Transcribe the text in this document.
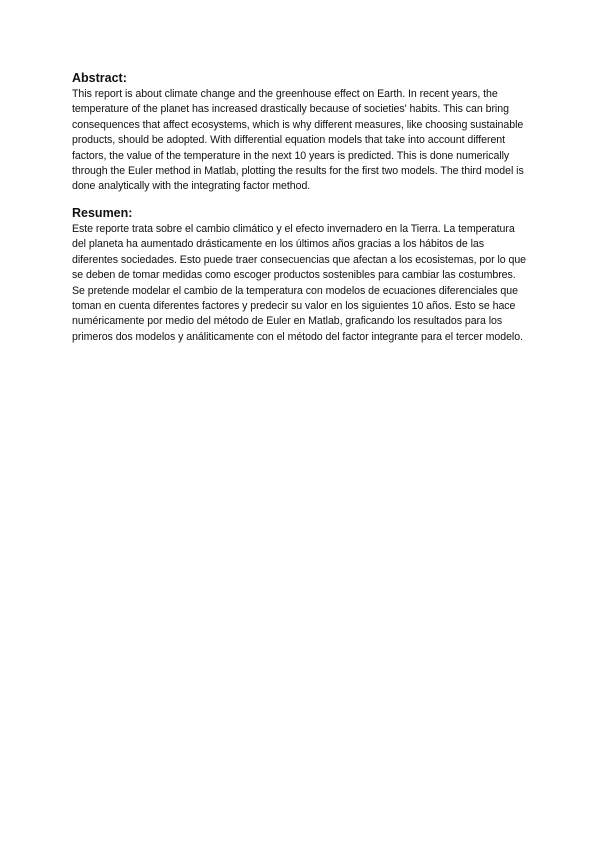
Abstract:

This report is about climate change and the greenhouse effect on Earth. In recent years, the temperature of the planet has increased drastically because of societies' habits. This can bring consequences that affect ecosystems, which is why different measures, like choosing sustainable products, should be adopted. With differential equation models that take into account different factors, the value of the temperature in the next 10 years is predicted. This is done numerically through the Euler method in Matlab, plotting the results for the first two models. The third model is done analytically with the integrating factor method.

Resumen:

Este reporte trata sobre el cambio climático y el efecto invernadero en la Tierra. La temperatura del planeta ha aumentado drásticamente en los últimos años gracias a los hábitos de las diferentes sociedades. Esto puede traer consecuencias que afectan a los ecosistemas, por lo que se deben de tomar medidas como escoger productos sostenibles para cambiar las costumbres. Se pretende modelar el cambio de la temperatura con modelos de ecuaciones diferenciales que toman en cuenta diferentes factores y predecir su valor en los siguientes 10 años. Esto se hace numéricamente por medio del método de Euler en Matlab, graficando los resultados para los primeros dos modelos y análiticamente con el método del factor integrante para el tercer modelo.
